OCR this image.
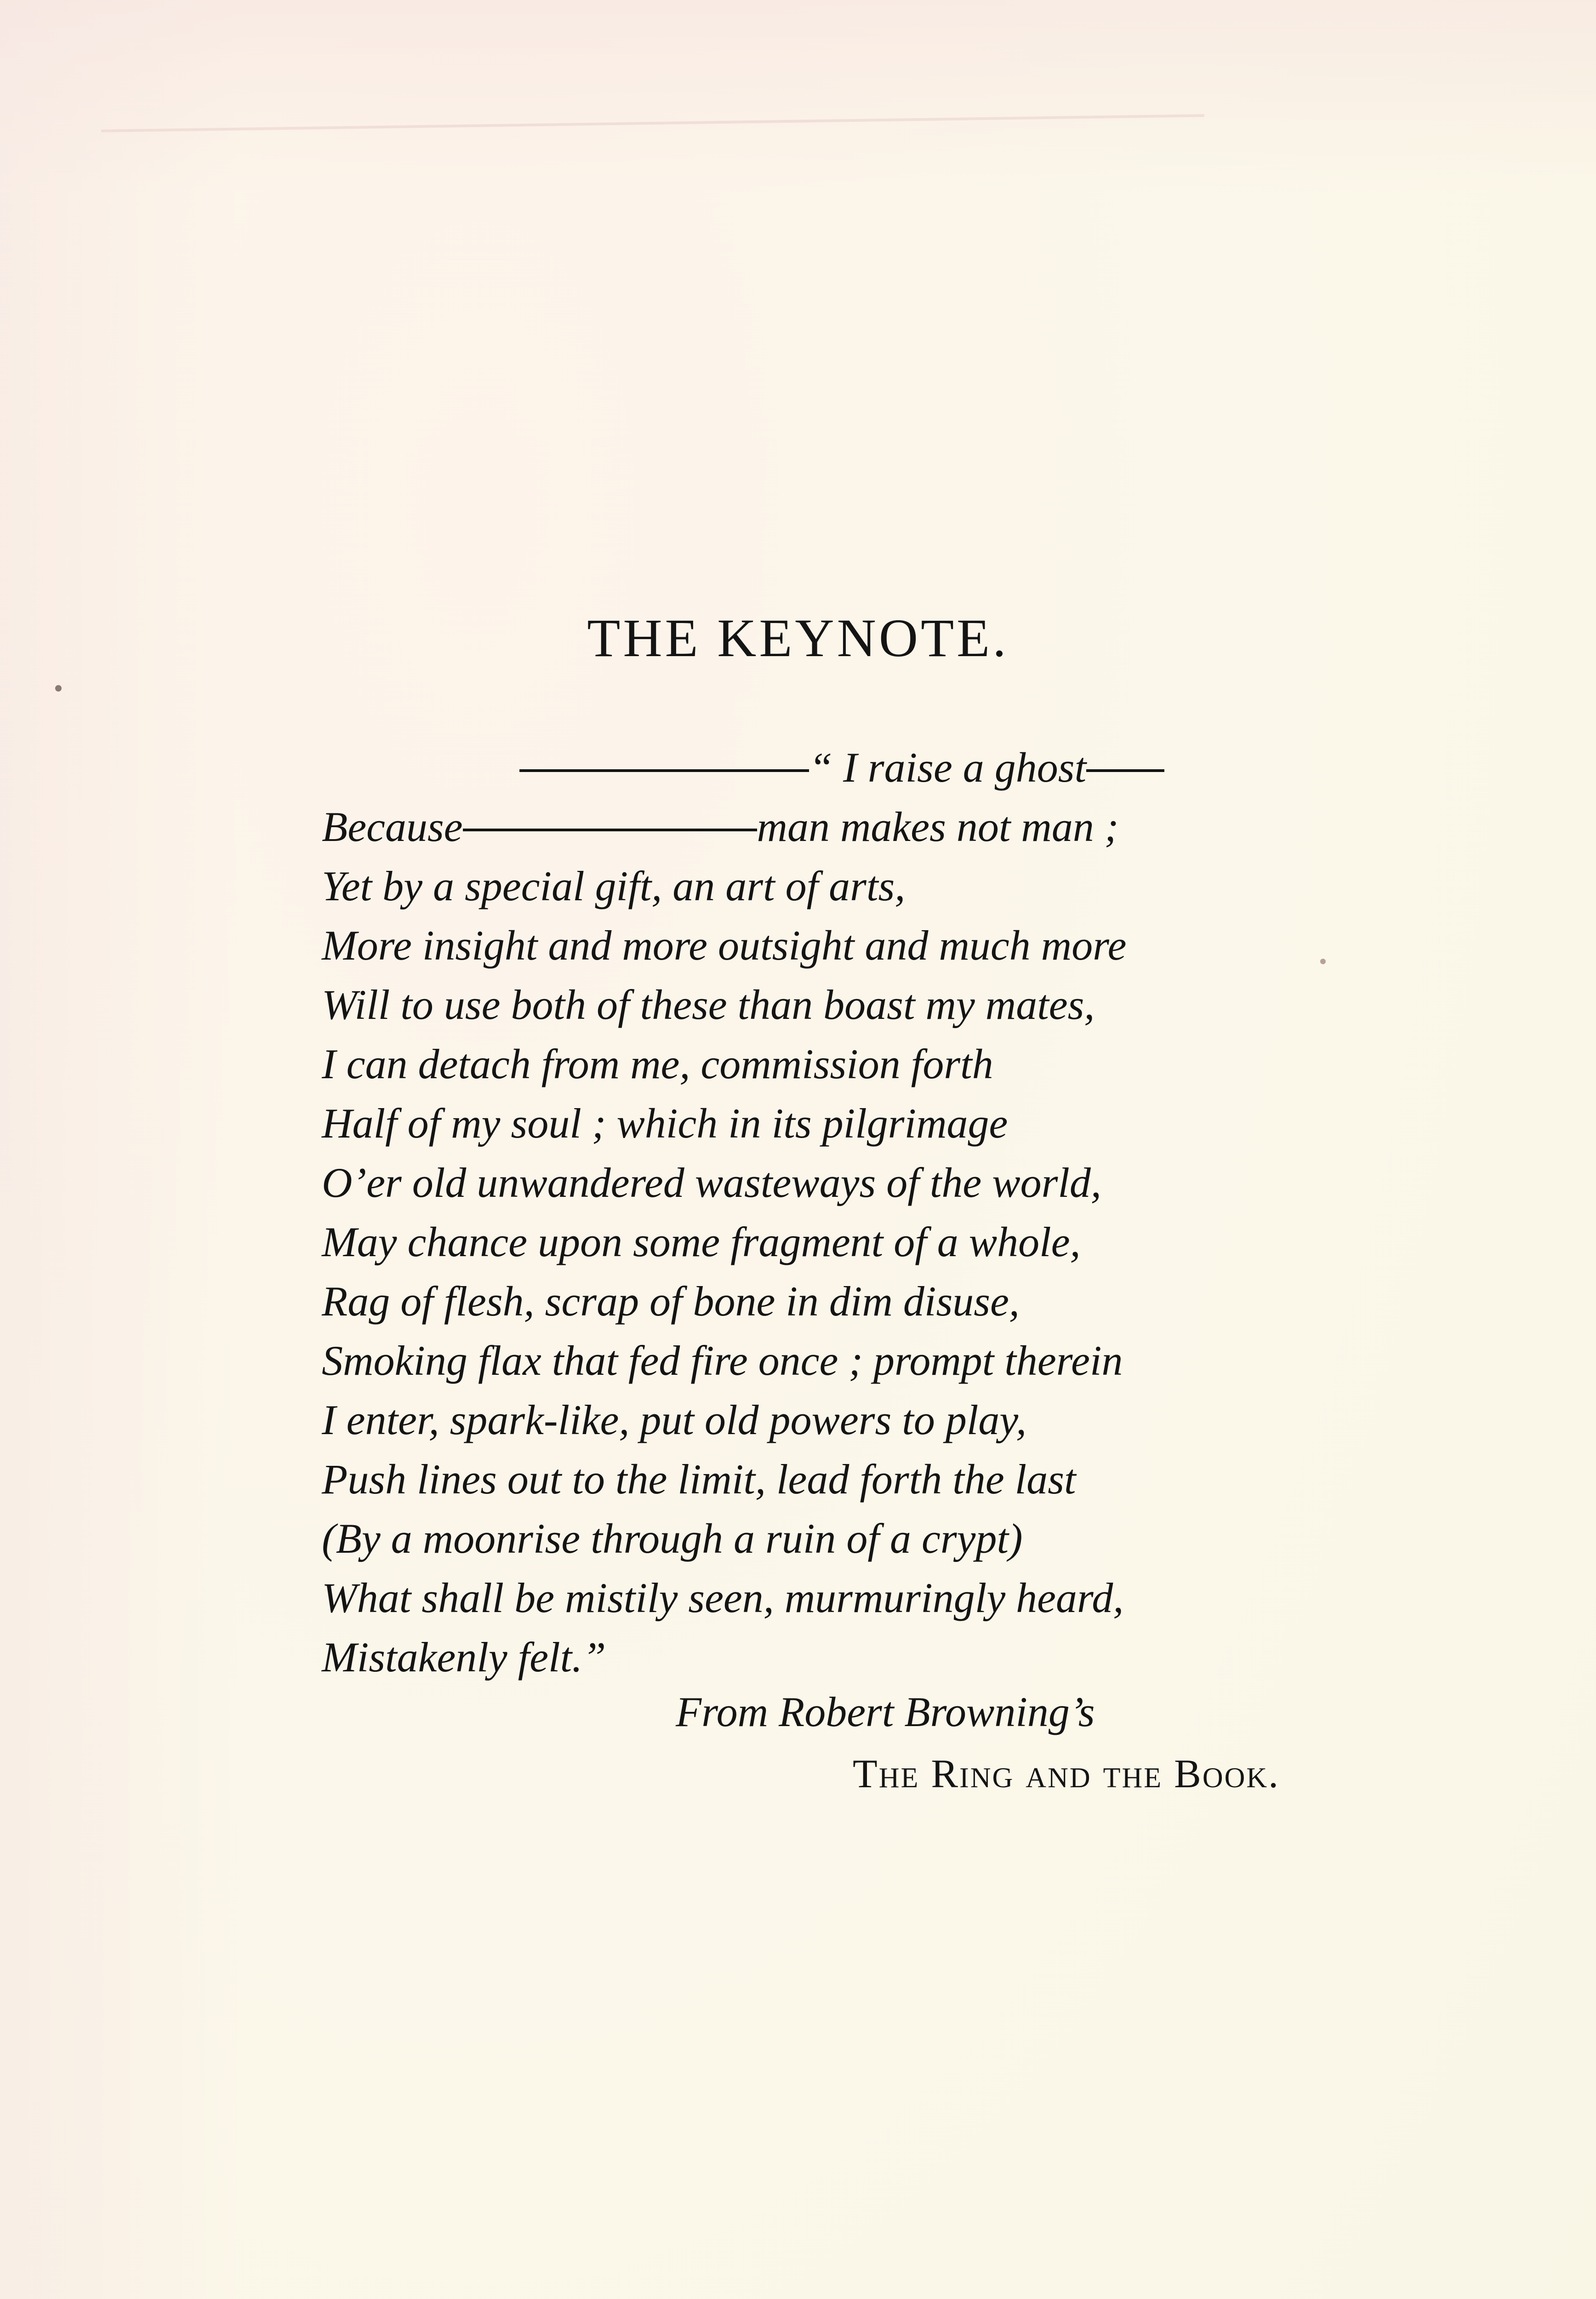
THE KEYNOTE.
“ I raise a ghost
Because	man makes not man ;
Yet by a special gift, an art of arts,
More insight and more outsight and much more
Will to use both of these than boast my mates,
I can detach from me, commission forth
Half of my soul ; which in its pilgrimage
O’er old unwandered wasteways of the world,
May chance upon some fragment of a whole,
Rag of flesh, scrap of bone in dim disuse,
Smoking flax that fed fire once ; prompt therein
I enter, spark-like, put old powers to play,
Push lines out to the limit, lead forth the last
(By a moonrise through a ruin of a crypt)
What shall be mistily seen, murmuringly heard,
Mistakenly felt.”
From Robert Browning’s
The Ring and the Book.
